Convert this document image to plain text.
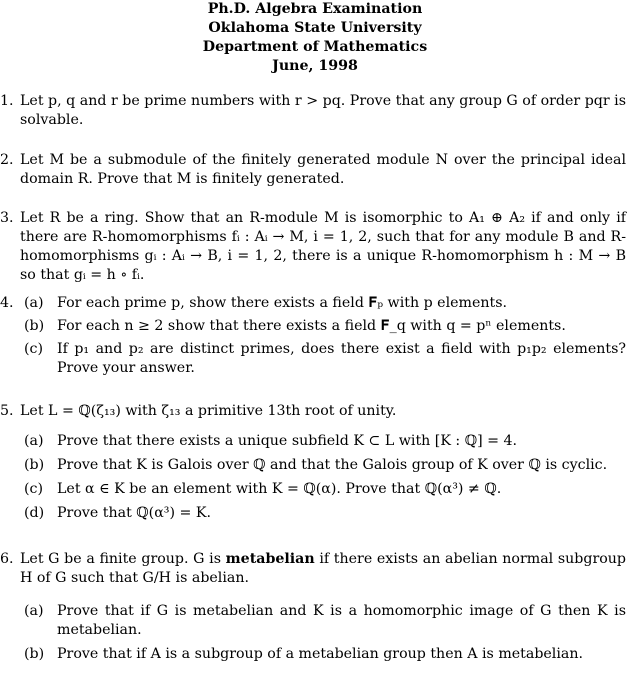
Ph.D. Algebra Examination
Oklahoma State University
Department of Mathematics
June, 1998
1. Let p, q and r be prime numbers with r > pq. Prove that any group G of order pqr is solvable.
2. Let M be a submodule of the finitely generated module N over the principal ideal domain R. Prove that M is finitely generated.
3. Let R be a ring. Show that an R-module M is isomorphic to A₁ ⊕ A₂ if and only if there are R-homomorphisms fᵢ : Aᵢ → M, i = 1, 2, such that for any module B and R-homomorphisms gᵢ : Aᵢ → B, i = 1, 2, there is a unique R-homomorphism h : M → B so that gᵢ = h ∘ fᵢ.
4. (a) For each prime p, show there exists a field 𝐅ₚ with p elements.
(b) For each n ≥ 2 show that there exists a field 𝐅_q with q = pⁿ elements.
(c) If p₁ and p₂ are distinct primes, does there exist a field with p₁p₂ elements? Prove your answer.
5. Let L = ℚ(ζ₁₃) with ζ₁₃ a primitive 13th root of unity.
(a) Prove that there exists a unique subfield K ⊂ L with [K : ℚ] = 4.
(b) Prove that K is Galois over ℚ and that the Galois group of K over ℚ is cyclic.
(c) Let α ∈ K be an element with K = ℚ(α). Prove that ℚ(α³) ≠ ℚ.
(d) Prove that ℚ(α³) = K.
6. Let G be a finite group. G is metabelian if there exists an abelian normal subgroup H of G such that G/H is abelian.
(a) Prove that if G is metabelian and K is a homomorphic image of G then K is metabelian.
(b) Prove that if A is a subgroup of a metabelian group then A is metabelian.
